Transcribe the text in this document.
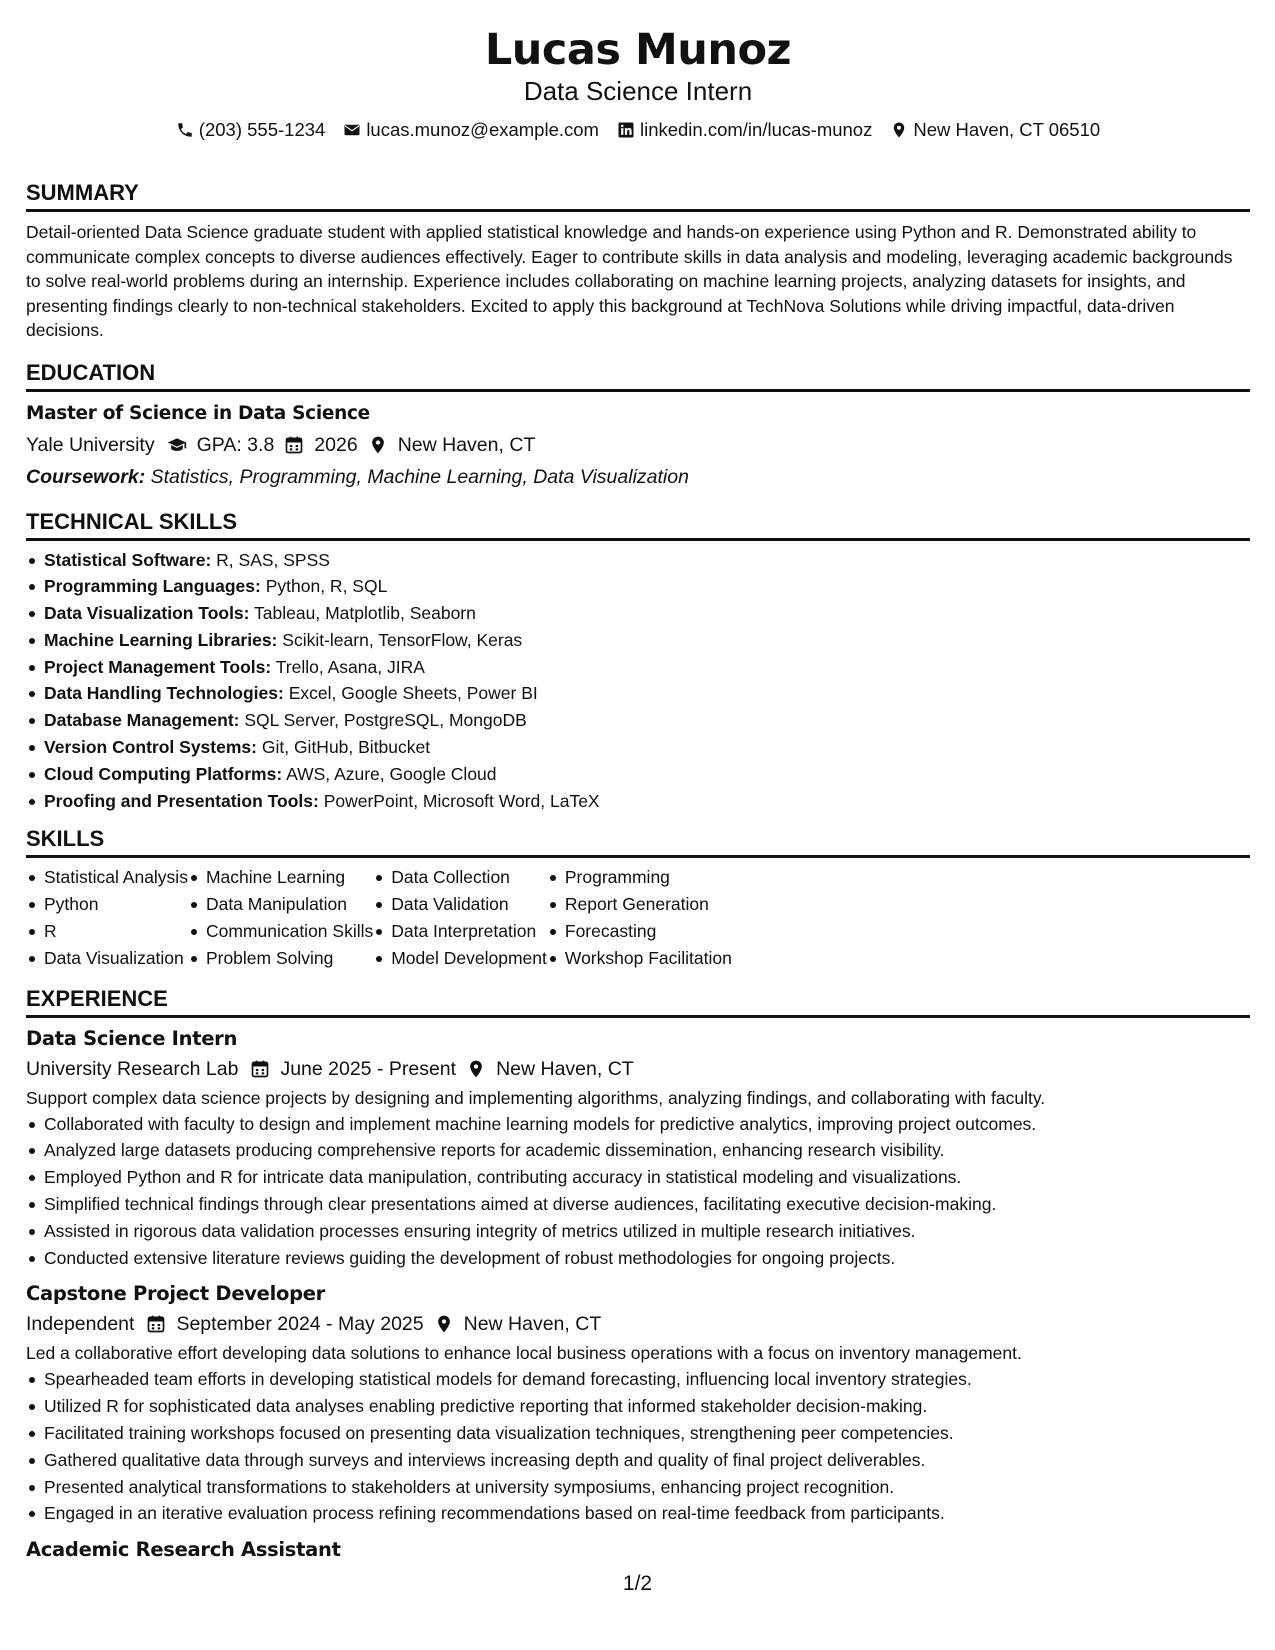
Lucas Munoz
Data Science Intern
(203) 555-1234 lucas.munoz@example.com linkedin.com/in/lucas-munoz New Haven, CT 06510
SUMMARY
Detail-oriented Data Science graduate student with applied statistical knowledge and hands-on experience using Python and R. Demonstrated ability to communicate complex concepts to diverse audiences effectively. Eager to contribute skills in data analysis and modeling, leveraging academic backgrounds to solve real-world problems during an internship. Experience includes collaborating on machine learning projects, analyzing datasets for insights, and presenting findings clearly to non-technical stakeholders. Excited to apply this background at TechNova Solutions while driving impactful, data-driven decisions.
EDUCATION
Master of Science in Data Science
Yale University GPA: 3.8 2026 New Haven, CT
Coursework: Statistics, Programming, Machine Learning, Data Visualization
TECHNICAL SKILLS
Statistical Software: R, SAS, SPSS
Programming Languages: Python, R, SQL
Data Visualization Tools: Tableau, Matplotlib, Seaborn
Machine Learning Libraries: Scikit-learn, TensorFlow, Keras
Project Management Tools: Trello, Asana, JIRA
Data Handling Technologies: Excel, Google Sheets, Power BI
Database Management: SQL Server, PostgreSQL, MongoDB
Version Control Systems: Git, GitHub, Bitbucket
Cloud Computing Platforms: AWS, Azure, Google Cloud
Proofing and Presentation Tools: PowerPoint, Microsoft Word, LaTeX
SKILLS
Statistical Analysis
Python
R
Data Visualization
Machine Learning
Data Manipulation
Communication Skills
Problem Solving
Data Collection
Data Validation
Data Interpretation
Model Development
Programming
Report Generation
Forecasting
Workshop Facilitation
EXPERIENCE
Data Science Intern
University Research Lab June 2025 - Present New Haven, CT
Support complex data science projects by designing and implementing algorithms, analyzing findings, and collaborating with faculty.
Collaborated with faculty to design and implement machine learning models for predictive analytics, improving project outcomes.
Analyzed large datasets producing comprehensive reports for academic dissemination, enhancing research visibility.
Employed Python and R for intricate data manipulation, contributing accuracy in statistical modeling and visualizations.
Simplified technical findings through clear presentations aimed at diverse audiences, facilitating executive decision-making.
Assisted in rigorous data validation processes ensuring integrity of metrics utilized in multiple research initiatives.
Conducted extensive literature reviews guiding the development of robust methodologies for ongoing projects.
Capstone Project Developer
Independent September 2024 - May 2025 New Haven, CT
Led a collaborative effort developing data solutions to enhance local business operations with a focus on inventory management.
Spearheaded team efforts in developing statistical models for demand forecasting, influencing local inventory strategies.
Utilized R for sophisticated data analyses enabling predictive reporting that informed stakeholder decision-making.
Facilitated training workshops focused on presenting data visualization techniques, strengthening peer competencies.
Gathered qualitative data through surveys and interviews increasing depth and quality of final project deliverables.
Presented analytical transformations to stakeholders at university symposiums, enhancing project recognition.
Engaged in an iterative evaluation process refining recommendations based on real-time feedback from participants.
Academic Research Assistant
1/2
